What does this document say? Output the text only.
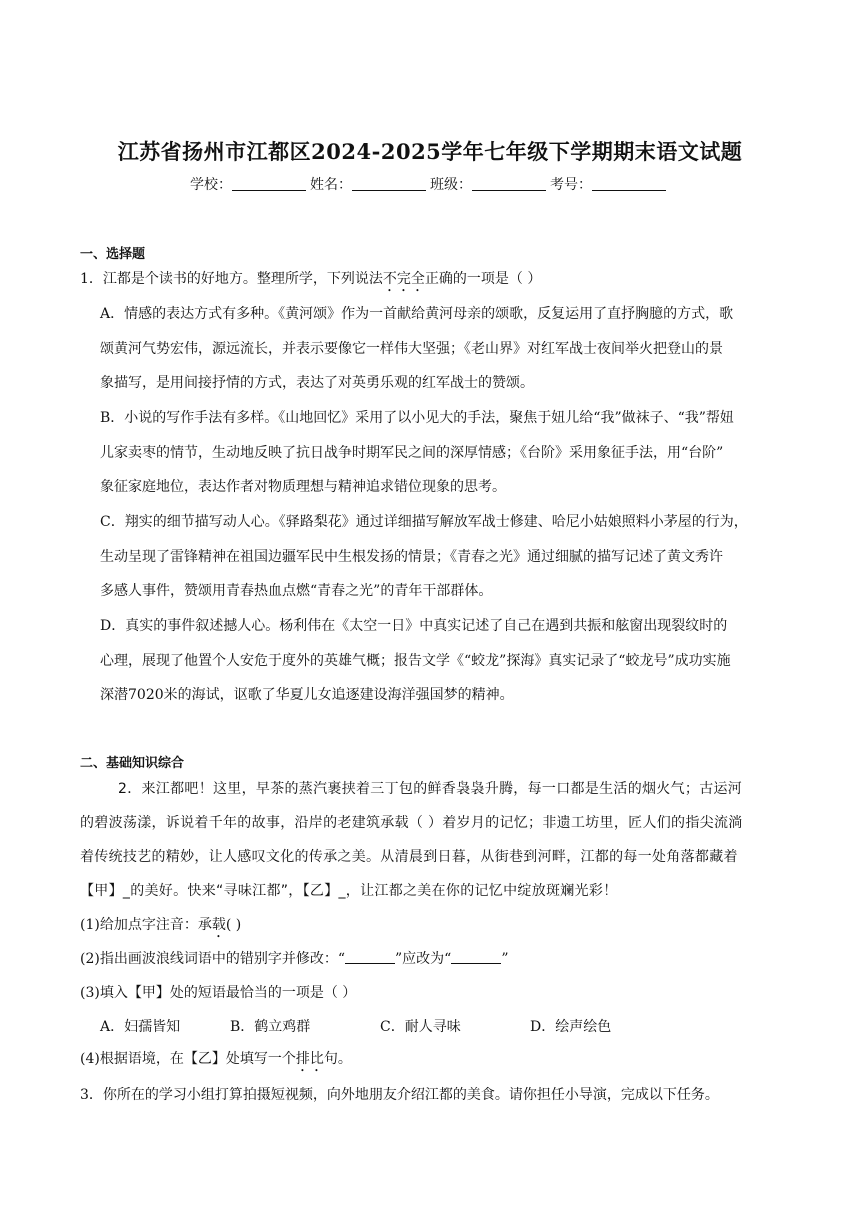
江苏省扬州市江都区2024-2025学年七年级下学期期末语文试题
学校：	姓名：	班级：	考号：
一、选择题
1．江都是个读书的好地方。整理所学，下列说法不完全正确的一项是（ ）
A．情感的表达方式有多种。《黄河颂》作为一首献给黄河母亲的颂歌，反复运用了直抒胸臆的方式，歌
颂黄河气势宏伟，源远流长，并表示要像它一样伟大坚强；《老山界》对红军战士夜间举火把登山的景
象描写，是用间接抒情的方式，表达了对英勇乐观的红军战士的赞颂。
B．小说的写作手法有多样。《山地回忆》采用了以小见大的手法，聚焦于妞儿给“我”做袜子、“我”帮妞
儿家卖枣的情节，生动地反映了抗日战争时期军民之间的深厚情感；《台阶》采用象征手法，用“台阶”
象征家庭地位，表达作者对物质理想与精神追求错位现象的思考。
C．翔实的细节描写动人心。《驿路梨花》通过详细描写解放军战士修建、哈尼小姑娘照料小茅屋的行为，
生动呈现了雷锋精神在祖国边疆军民中生根发扬的情景；《青春之光》通过细腻的描写记述了黄文秀许
多感人事件，赞颂用青春热血点燃“青春之光”的青年干部群体。
D．真实的事件叙述撼人心。杨利伟在《太空一日》中真实记述了自己在遇到共振和舷窗出现裂纹时的
心理，展现了他置个人安危于度外的英雄气概；报告文学《“蛟龙”探海》真实记录了“蛟龙号”成功实施
深潜7020米的海试，讴歌了华夏儿女追逐建设海洋强国梦的精神。
二、基础知识综合
2．来江都吧！这里，早茶的蒸汽裹挟着三丁包的鲜香袅袅升腾，每一口都是生活的烟火气；古运河
的碧波荡漾，诉说着千年的故事，沿岸的老建筑承载（ ）着岁月的记忆；非遗工坊里，匠人们的指尖流淌
着传统技艺的精妙，让人感叹文化的传承之美。从清晨到日暮，从街巷到河畔，江都的每一处角落都藏着
【甲】_的美好。快来“寻味江都”，【乙】_，让江都之美在你的记忆中绽放斑斓光彩！
(1)给加点字注音：承载( )
(2)指出画波浪线词语中的错别字并修改：“	”应改为“	”
(3)填入【甲】处的短语最恰当的一项是（ ）
A．妇孺皆知	B．鹤立鸡群	C．耐人寻味	D．绘声绘色
(4)根据语境，在【乙】处填写一个排比句。
3．你所在的学习小组打算拍摄短视频，向外地朋友介绍江都的美食。请你担任小导演，完成以下任务。
